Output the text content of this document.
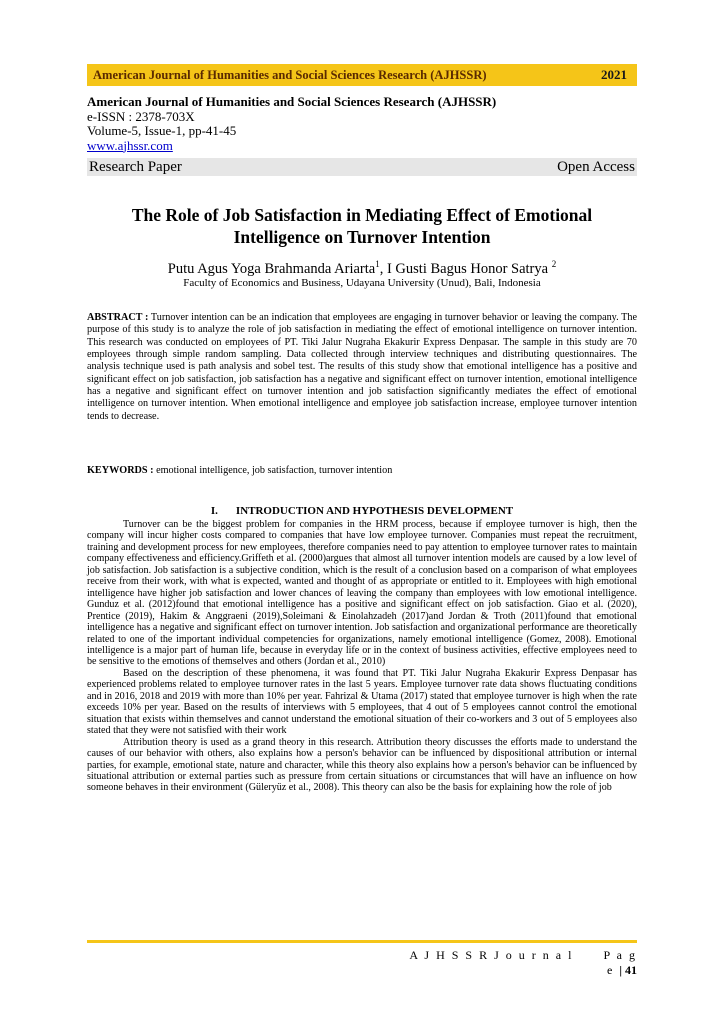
American Journal of Humanities and Social Sciences Research (AJHSSR)	2021
American Journal of Humanities and Social Sciences Research (AJHSSR)
e-ISSN : 2378-703X
Volume-5, Issue-1, pp-41-45
www.ajhssr.com
Research Paper	Open Access
The Role of Job Satisfaction in Mediating Effect of Emotional Intelligence on Turnover Intention
Putu Agus Yoga Brahmanda Ariarta$^1$, I Gusti Bagus Honor Satrya $^2$
Faculty of Economics and Business, Udayana University (Unud), Bali, Indonesia
ABSTRACT : Turnover intention can be an indication that employees are engaging in turnover behavior or leaving the company. The purpose of this study is to analyze the role of job satisfaction in mediating the effect of emotional intelligence on turnover intention. This research was conducted on employees of PT. Tiki Jalur Nugraha Ekakurir Express Denpasar. The sample in this study are 70 employees through simple random sampling. Data collected through interview techniques and distributing questionnaires. The analysis technique used is path analysis and sobel test. The results of this study show that emotional intelligence has a positive and significant effect on job satisfaction, job satisfaction has a negative and significant effect on turnover intention, emotional intelligence has a negative and significant effect on turnover intention and job satisfaction significantly mediates the effect of emotional intelligence on turnover intention. When emotional intelligence and employee job satisfaction increase, employee turnover intention tends to decrease.
KEYWORDS : emotional intelligence, job satisfaction, turnover intention
I. INTRODUCTION AND HYPOTHESIS DEVELOPMENT

Turnover can be the biggest problem for companies in the HRM process, because if employee turnover is high, then the company will incur higher costs compared to companies that have low employee turnover. Companies must repeat the recruitment, training and development process for new employees, therefore companies need to pay attention to employee turnover rates to maintain company effectiveness and efficiency.Griffeth et al. (2000)argues that almost all turnover intention models are caused by a low level of job satisfaction. Job satisfaction is a subjective condition, which is the result of a conclusion based on a comparison of what employees receive from their work, with what is expected, wanted and thought of as appropriate or entitled to it. Employees with high emotional intelligence have higher job satisfaction and lower chances of leaving the company than employees with low emotional intelligence. Gunduz et al. (2012)found that emotional intelligence has a positive and significant effect on job satisfaction. Giao et al. (2020), Prentice (2019), Hakim & Anggraeni (2019),Soleimani & Einolahzadeh (2017)and Jordan & Troth (2011)found that emotional intelligence has a negative and significant effect on turnover intention. Job satisfaction and organizational performance are theoretically related to one of the important individual competencies for organizations, namely emotional intelligence (Gomez, 2008). Emotional intelligence is a major part of human life, because in everyday life or in the context of business activities, effective employees need to be sensitive to the emotions of themselves and others (Jordan et al., 2010)

Based on the description of these phenomena, it was found that PT. Tiki Jalur Nugraha Ekakurir Express Denpasar has experienced problems related to employee turnover rates in the last 5 years. Employee turnover rate data shows fluctuating conditions and in 2016, 2018 and 2019 with more than 10% per year. Fahrizal & Utama (2017) stated that employee turnover is high when the rate exceeds 10% per year. Based on the results of interviews with 5 employees, that 4 out of 5 employees cannot control the emotional situation that exists within themselves and cannot understand the emotional situation of their co-workers and 3 out of 5 employees also stated that they were not satisfied with their work

Attribution theory is used as a grand theory in this research. Attribution theory discusses the efforts made to understand the causes of our behavior with others, also explains how a person's behavior can be influenced by dispositional attribution or internal parties, for example, emotional state, nature and character, while this theory also explains how a person's behavior can be influenced by situational attribution or external parties such as pressure from certain situations or circumstances that will have an influence on how someone behaves in their environment (Güleryüz et al., 2008). This theory can also be the basis for explaining how the role of job

A J H S S R J o u r n a l	P a g e | 41
